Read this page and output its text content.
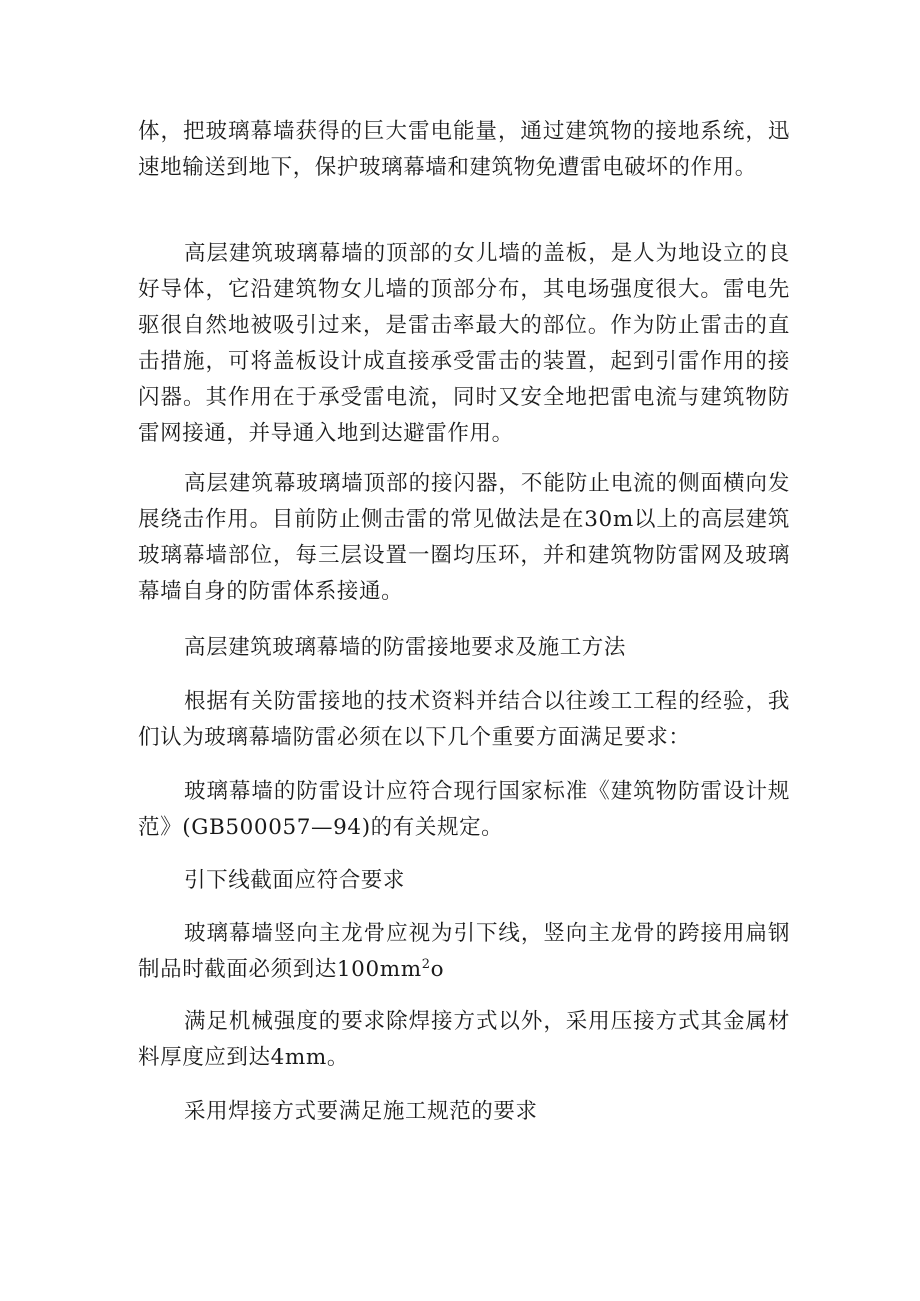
体，把玻璃幕墙获得的巨大雷电能量，通过建筑物的接地系统，迅速地输送到地下，保护玻璃幕墙和建筑物免遭雷电破坏的作用。

高层建筑玻璃幕墙的顶部的女儿墙的盖板，是人为地设立的良好导体，它沿建筑物女儿墙的顶部分布，其电场强度很大。雷电先驱很自然地被吸引过来，是雷击率最大的部位。作为防止雷击的直击措施，可将盖板设计成直接承受雷击的装置，起到引雷作用的接闪器。其作用在于承受雷电流，同时又安全地把雷电流与建筑物防雷网接通，并导通入地到达避雷作用。

高层建筑幕玻璃墙顶部的接闪器，不能防止电流的侧面横向发展绕击作用。目前防止侧击雷的常见做法是在30m以上的高层建筑玻璃幕墙部位，每三层设置一圈均压环，并和建筑物防雷网及玻璃幕墙自身的防雷体系接通。

高层建筑玻璃幕墙的防雷接地要求及施工方法

根据有关防雷接地的技术资料并结合以往竣工工程的经验，我们认为玻璃幕墙防雷必须在以下几个重要方面满足要求：

玻璃幕墙的防雷设计应符合现行国家标准《建筑物防雷设计规范》(GB500057—94)的有关规定。

引下线截面应符合要求

玻璃幕墙竖向主龙骨应视为引下线，竖向主龙骨的跨接用扁钢制品时截面必须到达$100mm^2o$

满足机械强度的要求除焊接方式以外，采用压接方式其金属材料厚度应到达4mm。

采用焊接方式要满足施工规范的要求
